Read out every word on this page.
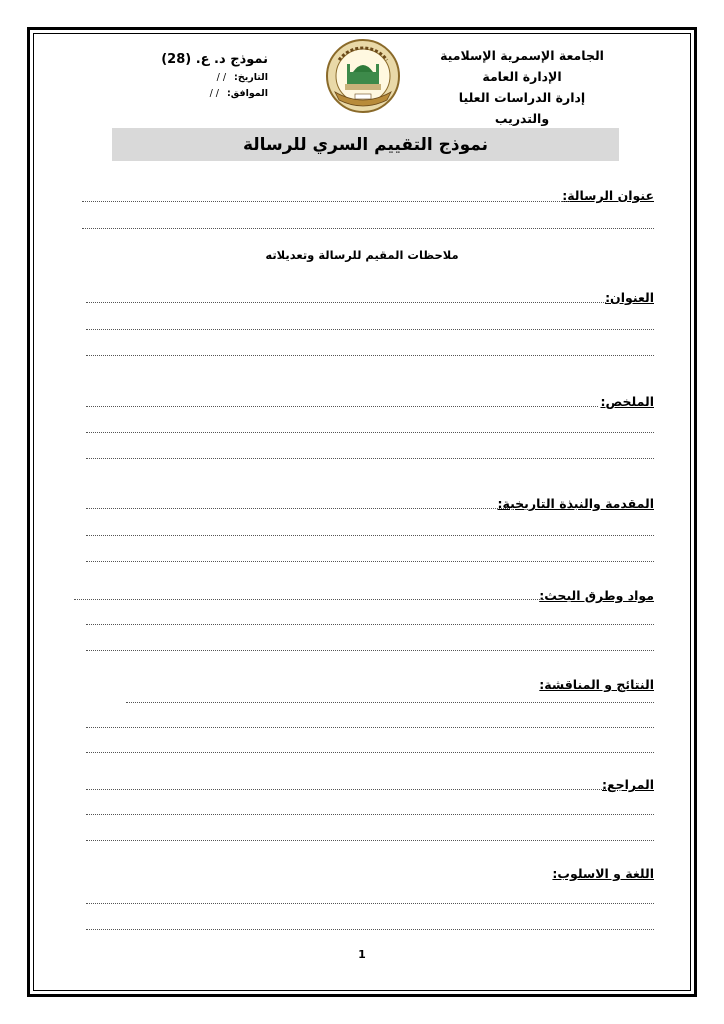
الجامعة الإسمرية الإسلامية
الإدارة العامة
إدارة الدراسات العليا والتدريب
نموذج د. ع. (28)
التاريخ:
/ /
الموافق:
/ /
نموذج التقييم السري للرسالة
عنوان الرسالة:
ملاحظات المقيم للرسالة وتعديلاته
العنوان:
الملخص:
المقدمة والنبذة التاريخية:
مواد وطرق البحث:
النتائج و المناقشة:
المراجع:
اللغة و الاسلوب:
1
